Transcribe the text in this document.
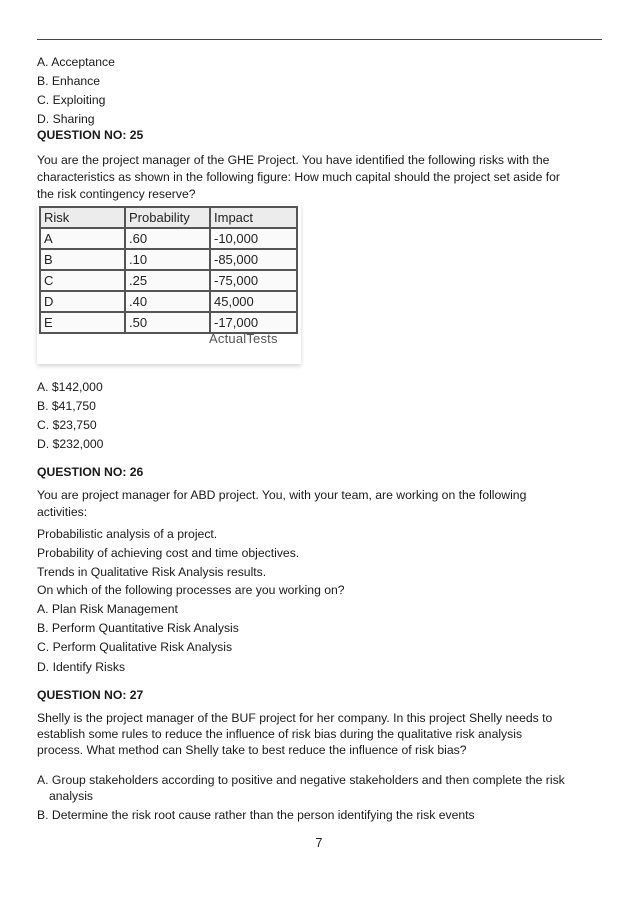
A. Acceptance
B. Enhance
C. Exploiting
D. Sharing
QUESTION NO: 25
You are the project manager of the GHE Project. You have identified the following risks with the
characteristics as shown in the following figure: How much capital should the project set aside for
the risk contingency reserve?
Risk	Probability	Impact
A	.60	-10,000
B	.10	-85,000
C	.25	-75,000
D	.40	45,000
E	.50	-17,000
ActualTests
A. $142,000
B. $41,750
C. $23,750
D. $232,000
QUESTION NO: 26
You are project manager for ABD project. You, with your team, are working on the following
activities:
Probabilistic analysis of a project.
Probability of achieving cost and time objectives.
Trends in Qualitative Risk Analysis results.
On which of the following processes are you working on?
A. Plan Risk Management
B. Perform Quantitative Risk Analysis
C. Perform Qualitative Risk Analysis
D. Identify Risks
QUESTION NO: 27
Shelly is the project manager of the BUF project for her company. In this project Shelly needs to
establish some rules to reduce the influence of risk bias during the qualitative risk analysis
process. What method can Shelly take to best reduce the influence of risk bias?
A. Group stakeholders according to positive and negative stakeholders and then complete the risk
analysis
B. Determine the risk root cause rather than the person identifying the risk events
7
